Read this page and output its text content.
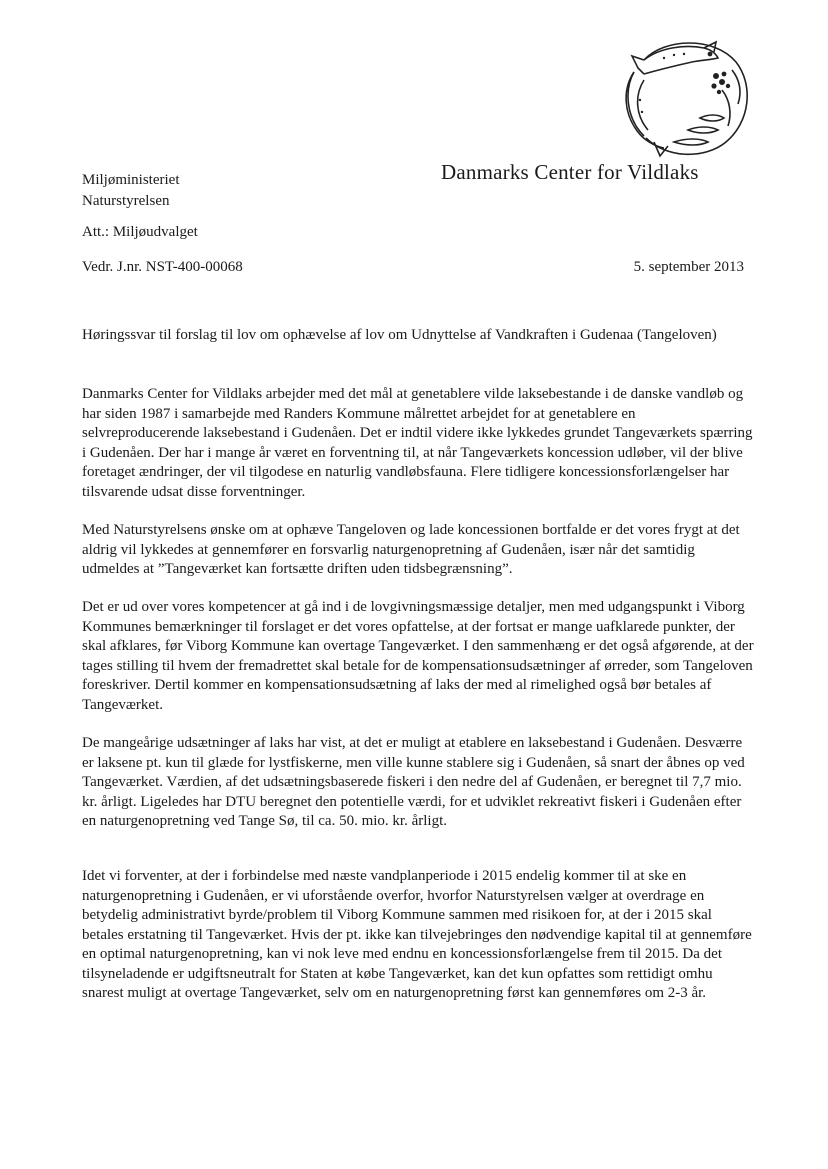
Danmarks Center for Vildlaks
Miljøministeriet
Naturstyrelsen
Att.: Miljøudvalget
Vedr. J.nr. NST-400-00068	5. september 2013
Høringssvar til forslag til lov om ophævelse af lov om Udnyttelse af Vandkraften i Gudenaa (Tangeloven)
Danmarks Center for Vildlaks arbejder med det mål at genetablere vilde laksebestande i de danske vandløb og har siden 1987 i samarbejde med Randers Kommune målrettet arbejdet for at genetablere en selvreproducerende laksebestand i Gudenåen. Det er indtil videre ikke lykkedes grundet Tangeværkets spærring i Gudenåen. Der har i mange år været en forventning til, at når Tangeværkets koncession udløber, vil der blive foretaget ændringer, der vil tilgodese en naturlig vandløbsfauna. Flere tidligere koncessionsforlængelser har tilsvarende udsat disse forventninger.
Med Naturstyrelsens ønske om at ophæve Tangeloven og lade koncessionen bortfalde er det vores frygt at det aldrig vil lykkedes at gennemfører en forsvarlig naturgenopretning af Gudenåen, især når det samtidig udmeldes at ”Tangeværket kan fortsætte driften uden tidsbegrænsning”.
Det er ud over vores kompetencer at gå ind i de lovgivningsmæssige detaljer, men med udgangspunkt i Viborg Kommunes bemærkninger til forslaget er det vores opfattelse, at der fortsat er mange uafklarede punkter, der skal afklares, før Viborg Kommune kan overtage Tangeværket. I den sammenhæng er det også afgørende, at der tages stilling til hvem der fremadrettet skal betale for de kompensationsudsætninger af ørreder, som Tangeloven foreskriver. Dertil kommer en kompensationsudsætning af laks der med al rimelighed også bør betales af Tangeværket.
De mangeårige udsætninger af laks har vist, at det er muligt at etablere en laksebestand i Gudenåen. Desværre er laksene pt. kun til glæde for lystfiskerne, men ville kunne stablere sig i Gudenåen, så snart der åbnes op ved Tangeværket. Værdien, af det udsætningsbaserede fiskeri i den nedre del af Gudenåen, er beregnet til 7,7 mio. kr. årligt. Ligeledes har DTU beregnet den potentielle værdi, for et udviklet rekreativt fiskeri i Gudenåen efter en naturgenopretning ved Tange Sø, til ca. 50. mio. kr. årligt.
Idet vi forventer, at der i forbindelse med næste vandplanperiode i 2015 endelig kommer til at ske en naturgenopretning i Gudenåen, er vi uforstående overfor, hvorfor Naturstyrelsen vælger at overdrage en betydelig administrativt byrde/problem til Viborg Kommune sammen med risikoen for, at der i 2015 skal betales erstatning til Tangeværket. Hvis der pt. ikke kan tilvejebringes den nødvendige kapital til at gennemføre en optimal naturgenopretning, kan vi nok leve med endnu en koncessionsforlængelse frem til 2015. Da det tilsyneladende er udgiftsneutralt for Staten at købe Tangeværket, kan det kun opfattes som rettidigt omhu snarest muligt at overtage Tangeværket, selv om en naturgenopretning først kan gennemføres om 2-3 år.
